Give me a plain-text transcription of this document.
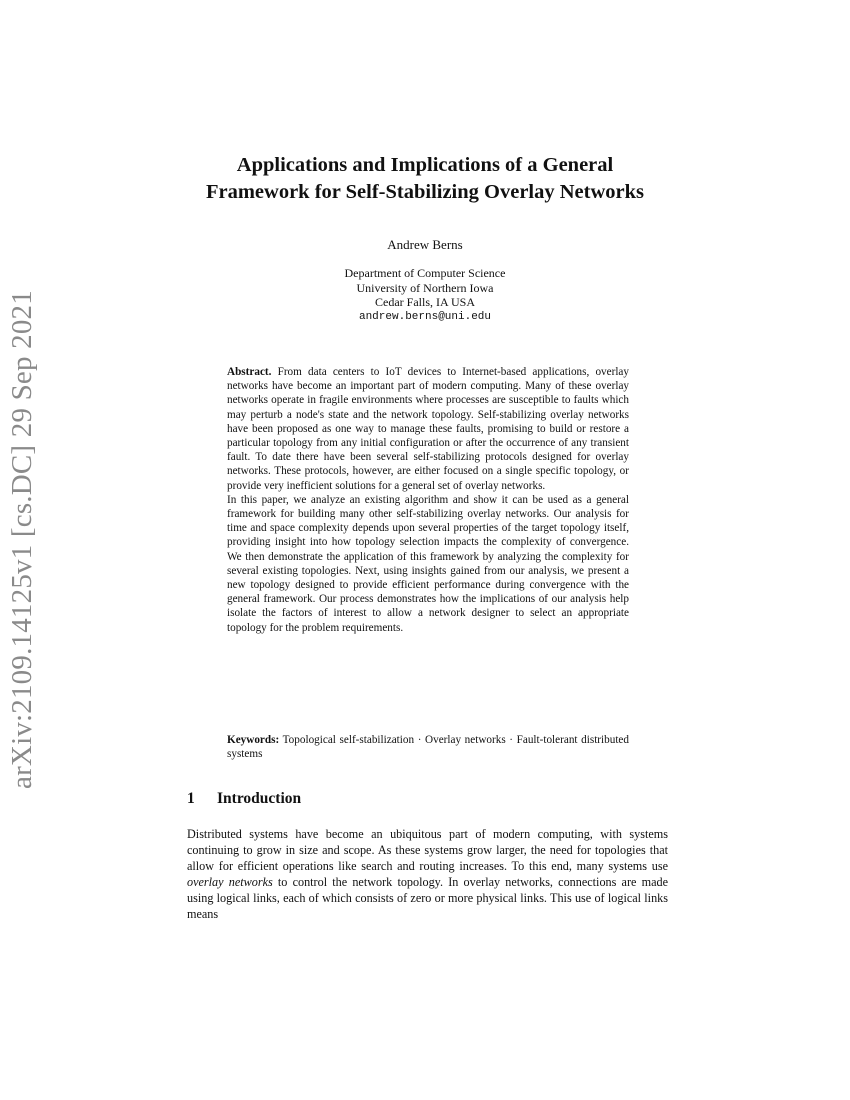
arXiv:2109.14125v1 [cs.DC] 29 Sep 2021
Applications and Implications of a General
Framework for Self-Stabilizing Overlay Networks
Andrew Berns
Department of Computer Science
University of Northern Iowa
Cedar Falls, IA USA
andrew.berns@uni.edu

Abstract. From data centers to IoT devices to Internet-based applications, overlay networks have become an important part of modern computing. Many of these overlay networks operate in fragile environments where processes are susceptible to faults which may perturb a node's state and the network topology. Self-stabilizing overlay networks have been proposed as one way to manage these faults, promising to build or restore a particular topology from any initial configuration or after the occurrence of any transient fault. To date there have been several self-stabilizing protocols designed for overlay networks. These protocols, however, are either focused on a single specific topology, or provide very inefficient solutions for a general set of overlay networks.

In this paper, we analyze an existing algorithm and show it can be used as a general framework for building many other self-stabilizing overlay networks. Our analysis for time and space complexity depends upon several properties of the target topology itself, providing insight into how topology selection impacts the complexity of convergence. We then demonstrate the application of this framework by analyzing the complexity for several existing topologies. Next, using insights gained from our analysis, we present a new topology designed to provide efficient performance during convergence with the general framework. Our process demonstrates how the implications of our analysis help isolate the factors of interest to allow a network designer to select an appropriate topology for the problem requirements.

Keywords: Topological self-stabilization · Overlay networks · Fault-tolerant distributed systems
1 Introduction

Distributed systems have become an ubiquitous part of modern computing, with systems continuing to grow in size and scope. As these systems grow larger, the need for topologies that allow for efficient operations like search and routing increases. To this end, many systems use overlay networks to control the network topology. In overlay networks, connections are made using logical links, each of which consists of zero or more physical links. This use of logical links means
